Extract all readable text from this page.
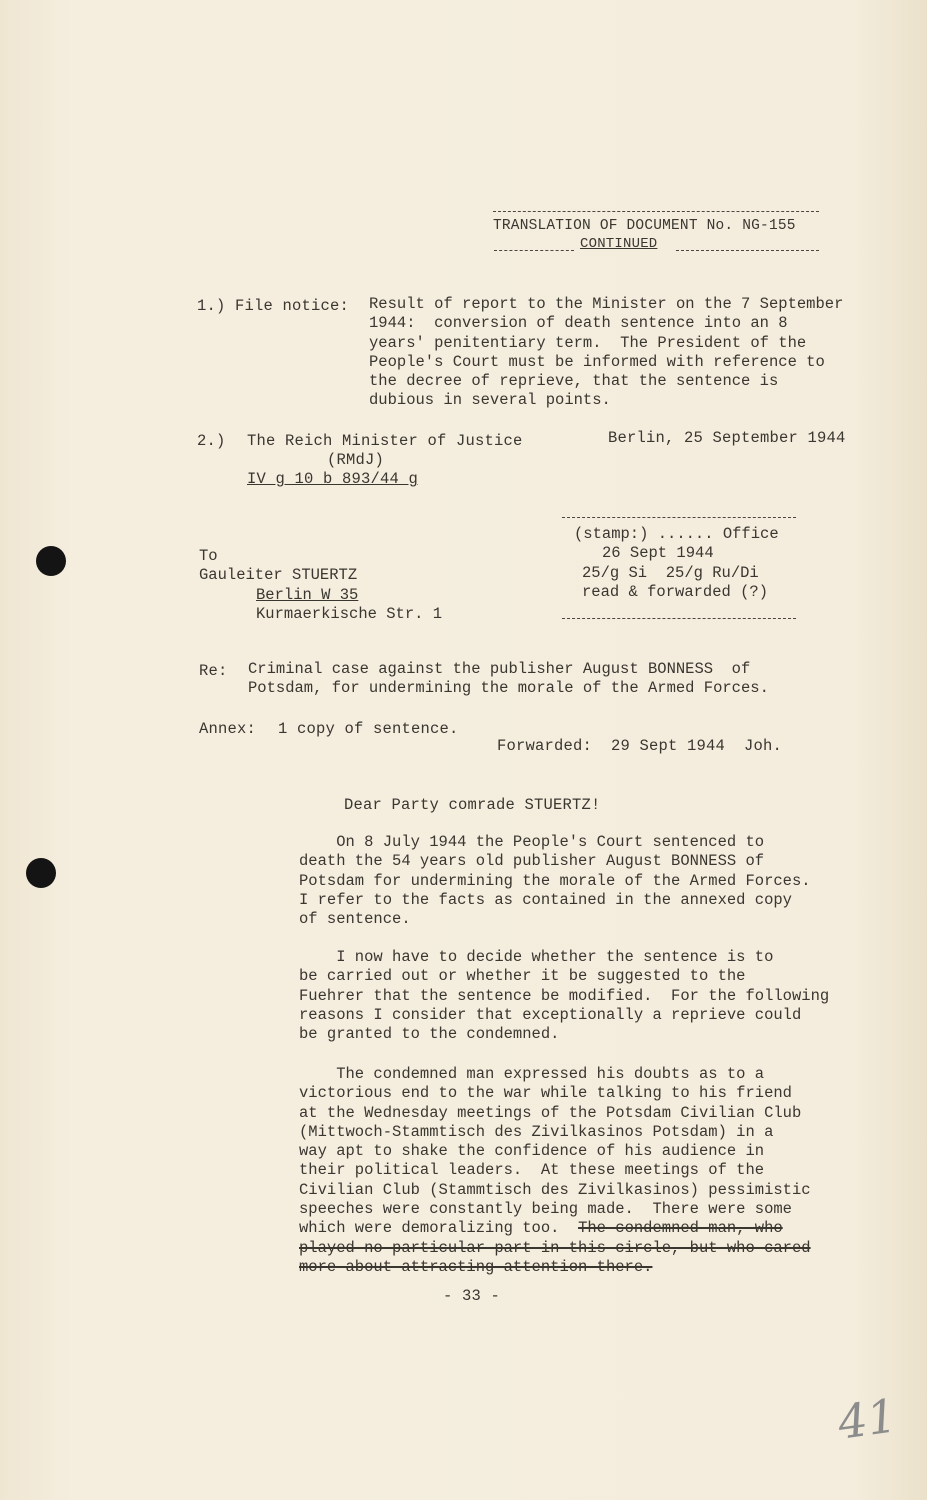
TRANSLATION OF DOCUMENT No. NG-155
CONTINUED
1.) File notice: Result of report to the Minister on the 7 September
1944:  conversion of death sentence into an 8
years' penitentiary term.  The President of the
People's Court must be informed with reference to
the decree of reprieve, that the sentence is
dubious in several points.
2.) The Reich Minister of Justice
(RMdJ)
IV g 10 b 893/44 g
Berlin, 25 September 1944
To
Gauleiter STUERTZ
Berlin W 35
Kurmaerkische Str. 1
(stamp:) ...... Office
26 Sept 1944
25/g Si  25/g Ru/Di
read & forwarded (?)
Re: Criminal case against the publisher August BONNESS  of
Potsdam, for undermining the morale of the Armed Forces.
Annex: 1 copy of sentence.
Forwarded:  29 Sept 1944  Joh.
Dear Party comrade STUERTZ!
On 8 July 1944 the People's Court sentenced to
death the 54 years old publisher August BONNESS of
Potsdam for undermining the morale of the Armed Forces.
I refer to the facts as contained in the annexed copy
of sentence.
I now have to decide whether the sentence is to
be carried out or whether it be suggested to the
Fuehrer that the sentence be modified.  For the following
reasons I consider that exceptionally a reprieve could
be granted to the condemned.
The condemned man expressed his doubts as to a
victorious end to the war while talking to his friend
at the Wednesday meetings of the Potsdam Civilian Club
(Mittwoch-Stammtisch des Zivilkasinos Potsdam) in a
way apt to shake the confidence of his audience in
their political leaders.  At these meetings of the
Civilian Club (Stammtisch des Zivilkasinos) pessimistic
speeches were constantly being made.  There were some
which were demoralizing too. The condemned man, who
played no particular part in this circle, but who cared
more about attracting attention there.
- 33 -
41
